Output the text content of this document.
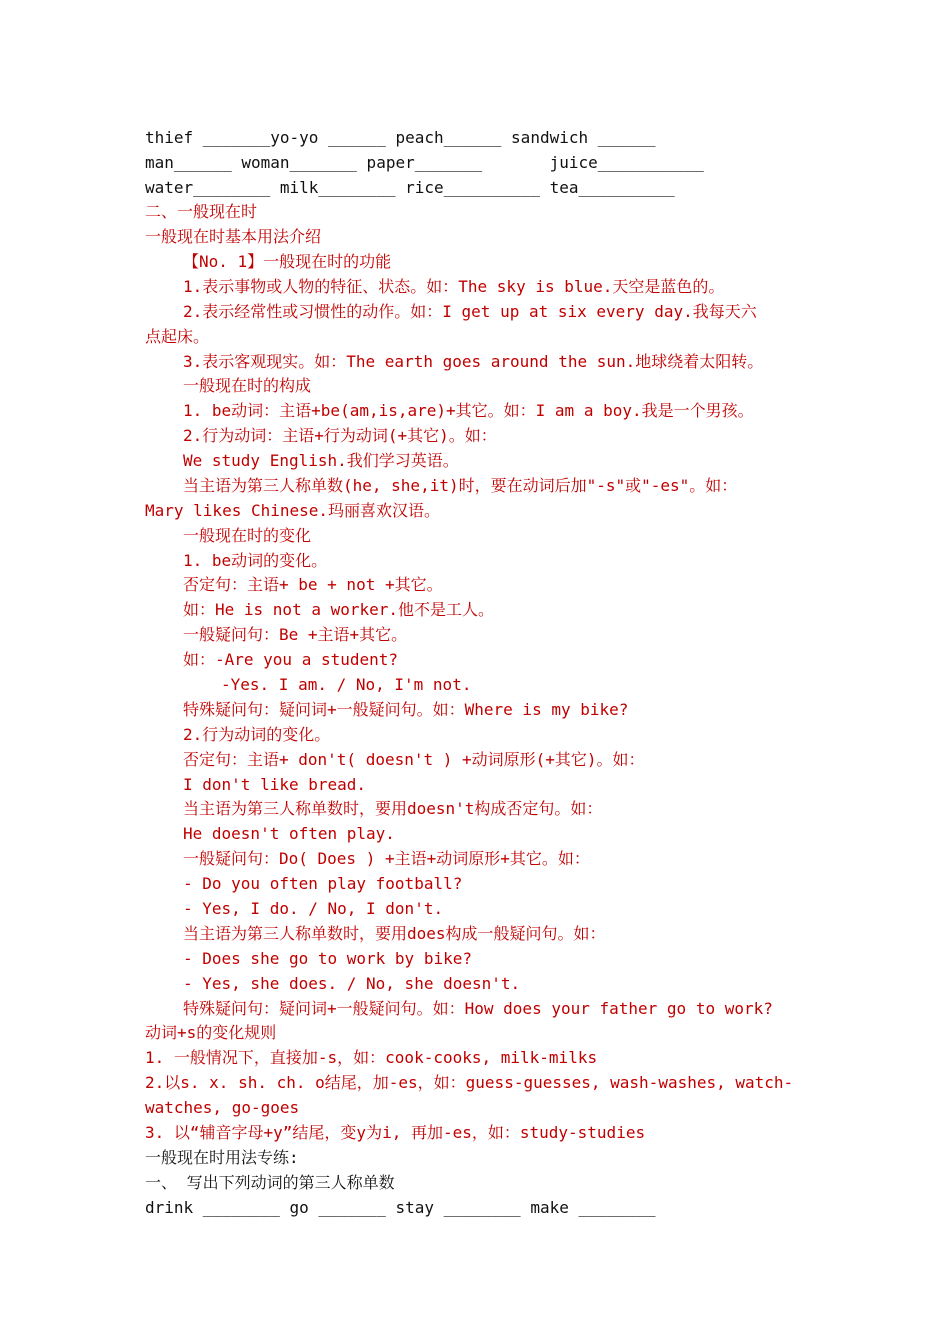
thief _______yo-yo ______ peach______ sandwich ______

man______ woman_______ paper_______       juice___________

water________ milk________ rice__________ tea__________

二、一般现在时

一般现在时基本用法介绍

【No. 1】一般现在时的功能

1.表示事物或人物的特征、状态。如：The sky is blue.天空是蓝色的。

2.表示经常性或习惯性的动作。如：I get up at six every day.我每天六

点起床。

3.表示客观现实。如：The earth goes around the sun.地球绕着太阳转。

一般现在时的构成

1. be动词：主语+be(am,is,are)+其它。如：I am a boy.我是一个男孩。

2.行为动词：主语+行为动词(+其它)。如：

We study English.我们学习英语。

当主语为第三人称单数(he, she,it)时，要在动词后加"-s"或"-es"。如：

Mary likes Chinese.玛丽喜欢汉语。

一般现在时的变化

1. be动词的变化。

否定句：主语+ be + not +其它。

如：He is not a worker.他不是工人。

一般疑问句：Be +主语+其它。

如：-Are you a student?

-Yes. I am. / No, I'm not.

特殊疑问句：疑问词+一般疑问句。如：Where is my bike?

2.行为动词的变化。

否定句：主语+ don't( doesn't ) +动词原形(+其它)。如：

I don't like bread.

当主语为第三人称单数时，要用doesn't构成否定句。如：

He doesn't often play.

一般疑问句：Do( Does ) +主语+动词原形+其它。如：

- Do you often play football?

- Yes, I do. / No, I don't.

当主语为第三人称单数时，要用does构成一般疑问句。如：

- Does she go to work by bike?

- Yes, she does. / No, she doesn't.

特殊疑问句：疑问词+一般疑问句。如：How does your father go to work?

动词+s的变化规则

1. 一般情况下，直接加-s，如：cook-cooks, milk-milks

2.以s. x. sh. ch. o结尾，加-es，如：guess-guesses, wash-washes, watch-

watches, go-goes

3. 以“辅音字母+y”结尾，变y为i, 再加-es，如：study-studies

一般现在时用法专练:

一、 写出下列动词的第三人称单数

drink ________ go _______ stay ________ make ________
